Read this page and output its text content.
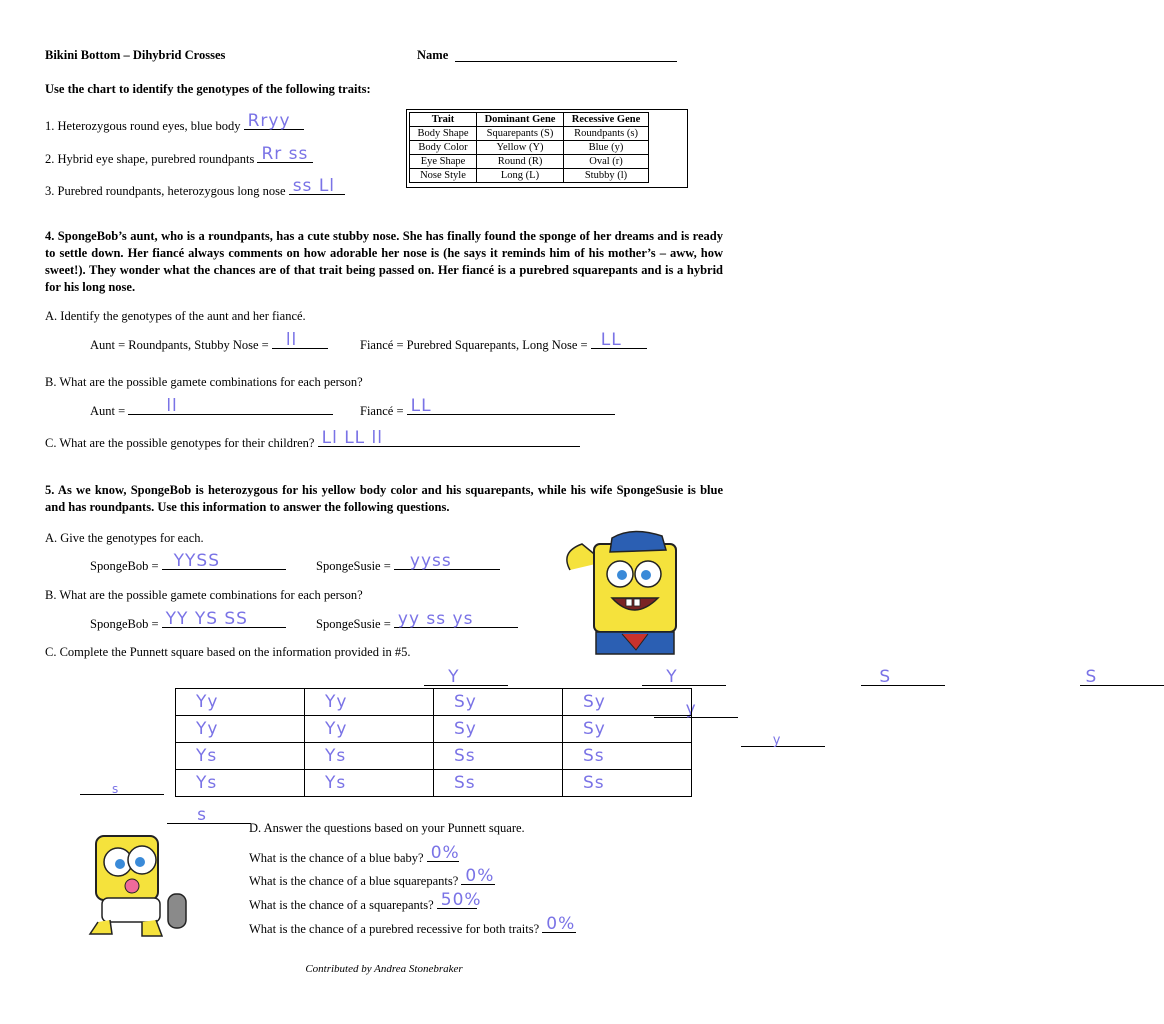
Bikini Bottom – Dihybrid Crosses	Name

Use the chart to identify the genotypes of the following traits:
1. Heterozygous round eyes, blue body Rryy
2. Hybrid eye shape, purebred roundpants Rr ss
3. Purebred roundpants, heterozygous long nose ss Ll
Trait	Dominant Gene	Recessive Gene
Body Shape	Squarepants (S)	Roundpants (s)
Body Color	Yellow (Y)	Blue (y)
Eye Shape	Round (R)	Oval (r)
Nose Style	Long (L)	Stubby (l)
4. SpongeBob’s aunt, who is a roundpants, has a cute stubby nose. She has finally found the sponge of her dreams and is ready to settle down. Her fiancé always comments on how adorable her nose is (he says it reminds him of his mother’s – aww, how sweet!). They wonder what the chances are of that trait being passed on. Her fiancé is a purebred squarepants and is a hybrid for his long nose.
A. Identify the genotypes of the aunt and her fiancé.
Aunt = Roundpants, Stubby Nose = ll	Fiancé = Purebred Squarepants, Long Nose = LL
B. What are the possible gamete combinations for each person?
Aunt = ll	Fiancé = LL
C. What are the possible genotypes for their children? Ll LL ll
5. As we know, SpongeBob is heterozygous for his yellow body color and his squarepants, while his wife SpongeSusie is blue and has roundpants. Use this information to answer the following questions.
A. Give the genotypes for each.
SpongeBob = YYSS	SpongeSusie = yyss
B. What are the possible gamete combinations for each person?
SpongeBob = YY YS SS	SpongeSusie = yy ss ys
C. Complete the Punnett square based on the information provided in #5.
Y
	Y
	S
	S

y

y

s

s
Yy	Yy	Sy	Sy
Yy	Yy	Sy	Sy
Ys	Ys	Ss	Ss
Ys	Ys	Ss	Ss
D. Answer the questions based on your Punnett square.
What is the chance of a blue baby? 0%
What is the chance of a blue squarepants? 0%
What is the chance of a squarepants? 50%
What is the chance of a purebred recessive for both traits? 0%
Contributed by Andrea Stonebraker
